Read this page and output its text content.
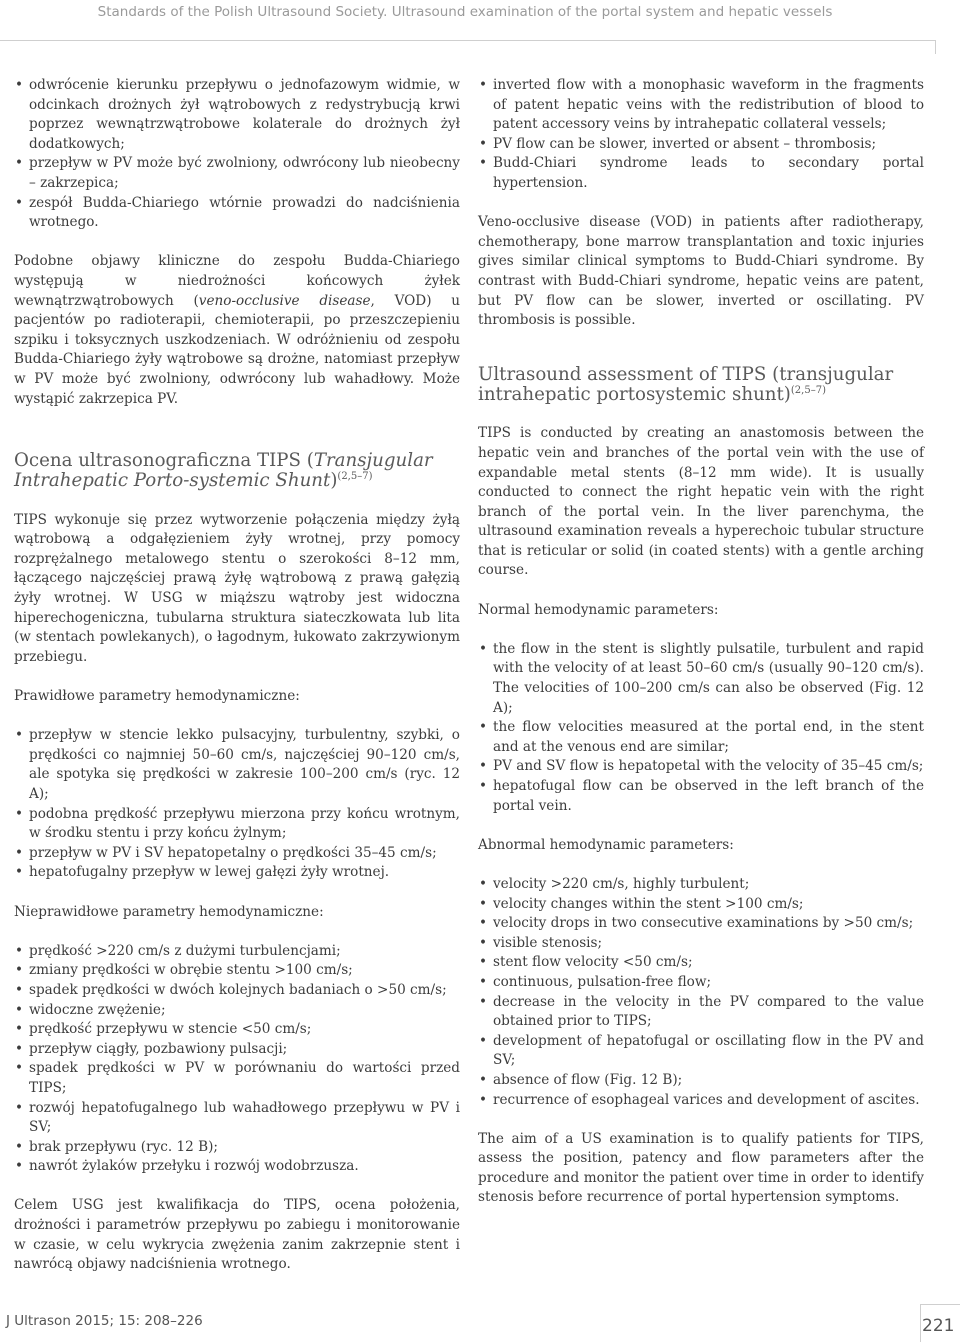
Standards of the Polish Ultrasound Society. Ultrasound examination of the portal system and hepatic vessels
• odwrócenie kierunku przepływu o jednofazowym widmie, w odcinkach drożnych żył wątrobowych z redystrybucją krwi poprzez wewnątrzwątrobowe kolaterale do drożnych żył dodatkowych;
• przepływ w PV może być zwolniony, odwrócony lub nieobecny – zakrzepica;
• zespół Budda-Chiariego wtórnie prowadzi do nadciśnienia wrotnego.

Podobne objawy kliniczne do zespołu Budda-Chiariego występują w niedrożności końcowych żyłek wewnątrzwątrobowych (veno-occlusive disease, VOD) u pacjentów po radioterapii, chemioterapii, po przeszczepieniu szpiku i toksycznych uszkodzeniach. W odróżnieniu od zespołu Budda-Chiariego żyły wątrobowe są drożne, natomiast przepływ w PV może być zwolniony, odwrócony lub wahadłowy. Może wystąpić zakrzepica PV.

Ocena ultrasonograficzna TIPS (Transjugular Intrahepatic Porto-systemic Shunt)$^{(2,5-7)}$

TIPS wykonuje się przez wytworzenie połączenia między żyłą wątrobową a odgałęzieniem żyły wrotnej, przy pomocy rozprężalnego metalowego stentu o szerokości 8–12 mm, łączącego najczęściej prawą żyłę wątrobową z prawą gałęzią żyły wrotnej. W USG w miąższu wątroby jest widoczna hiperechogeniczna, tubularna struktura siateczkowata lub lita (w stentach powlekanych), o łagodnym, łukowato zakrzywionym przebiegu.

Prawidłowe parametry hemodynamiczne:

• przepływ w stencie lekko pulsacyjny, turbulentny, szybki, o prędkości co najmniej 50–60 cm/s, najczęściej 90–120 cm/s, ale spotyka się prędkości w zakresie 100–200 cm/s (ryc. 12 A);
• podobna prędkość przepływu mierzona przy końcu wrotnym, w środku stentu i przy końcu żylnym;
• przepływ w PV i SV hepatopetalny o prędkości 35–45 cm/s;
• hepatofugalny przepływ w lewej gałęzi żyły wrotnej.

Nieprawidłowe parametry hemodynamiczne:

• prędkość >220 cm/s z dużymi turbulencjami;
• zmiany prędkości w obrębie stentu >100 cm/s;
• spadek prędkości w dwóch kolejnych badaniach o >50 cm/s;
• widoczne zwężenie;
• prędkość przepływu w stencie <50 cm/s;
• przepływ ciągły, pozbawiony pulsacji;
• spadek prędkości w PV w porównaniu do wartości przed TIPS;
• rozwój hepatofugalnego lub wahadłowego przepływu w PV i SV;
• brak przepływu (ryc. 12 B);
• nawrót żylaków przełyku i rozwój wodobrzusza.

Celem USG jest kwalifikacja do TIPS, ocena położenia, drożności i parametrów przepływu po zabiegu i monitorowanie w czasie, w celu wykrycia zwężenia zanim zakrzepnie stent i nawrócą objawy nadciśnienia wrotnego.

• inverted flow with a monophasic waveform in the fragments of patent hepatic veins with the redistribution of blood to patent accessory veins by intrahepatic collateral vessels;
• PV flow can be slower, inverted or absent – thrombosis;
• Budd-Chiari syndrome leads to secondary portal hypertension.

Veno-occlusive disease (VOD) in patients after radiotherapy, chemotherapy, bone marrow transplantation and toxic injuries gives similar clinical symptoms to Budd-Chiari syndrome. By contrast with Budd-Chiari syndrome, hepatic veins are patent, but PV flow can be slower, inverted or oscillating. PV thrombosis is possible.

Ultrasound assessment of TIPS (transjugular intrahepatic portosystemic shunt)$^{(2,5-7)}$

TIPS is conducted by creating an anastomosis between the hepatic vein and branches of the portal vein with the use of expandable metal stents (8–12 mm wide). It is usually conducted to connect the right hepatic vein with the right branch of the portal vein. In the liver parenchyma, the ultrasound examination reveals a hyperechoic tubular structure that is reticular or solid (in coated stents) with a gentle arching course.

Normal hemodynamic parameters:

• the flow in the stent is slightly pulsatile, turbulent and rapid with the velocity of at least 50–60 cm/s (usually 90–120 cm/s). The velocities of 100–200 cm/s can also be observed (Fig. 12 A);
• the flow velocities measured at the portal end, in the stent and at the venous end are similar;
• PV and SV flow is hepatopetal with the velocity of 35–45 cm/s;
• hepatofugal flow can be observed in the left branch of the portal vein.

Abnormal hemodynamic parameters:

• velocity >220 cm/s, highly turbulent;
• velocity changes within the stent >100 cm/s;
• velocity drops in two consecutive examinations by >50 cm/s;
• visible stenosis;
• stent flow velocity <50 cm/s;
• continuous, pulsation-free flow;
• decrease in the velocity in the PV compared to the value obtained prior to TIPS;
• development of hepatofugal or oscillating flow in the PV and SV;
• absence of flow (Fig. 12 B);
• recurrence of esophageal varices and development of ascites.

The aim of a US examination is to qualify patients for TIPS, assess the position, patency and flow parameters after the procedure and monitor the patient over time in order to identify stenosis before recurrence of portal hypertension symptoms.

J Ultrason 2015; 15: 208–226	221
